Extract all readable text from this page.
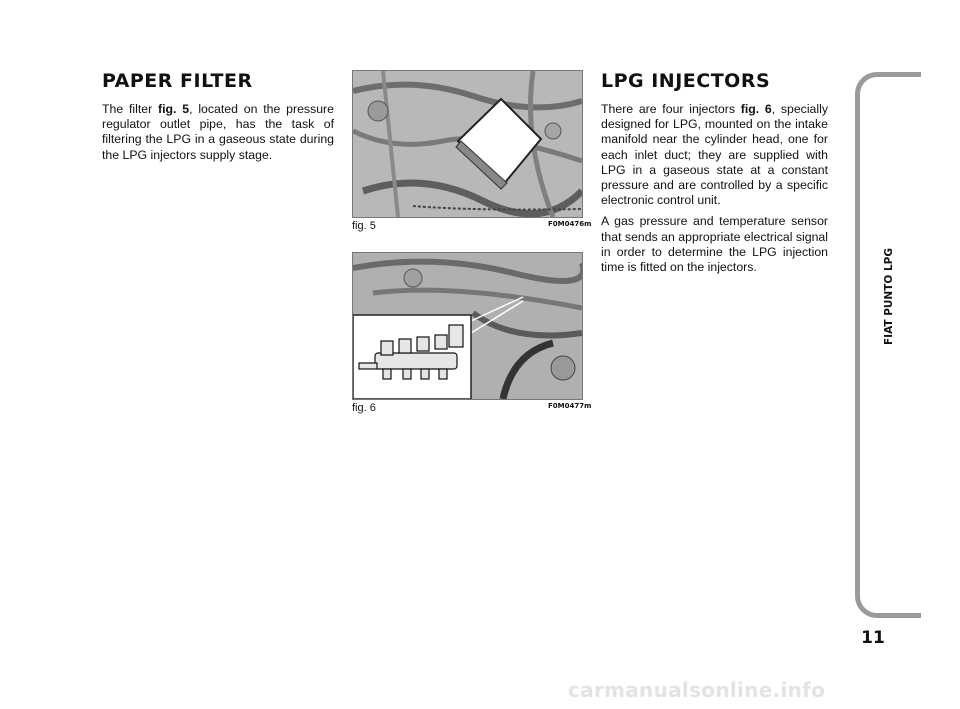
PAPER FILTER

The filter fig. 5, located on the pressure regulator outlet pipe, has the task of filtering the LPG in a gaseous state during the LPG injectors supply stage.

fig. 5	F0M0476m
fig. 6	F0M0477m
LPG INJECTORS

There are four injectors fig. 6, specially designed for LPG, mounted on the intake manifold near the cylinder head, one for each inlet duct; they are supplied with LPG in a gaseous state at a constant pressure and are controlled by a specific electronic control unit.

A gas pressure and temperature sensor that sends an appropriate electrical signal in order to determine the LPG injection time is fitted on the injectors.	FIAT PUNTO LPG
11
carmanualsonline.info
